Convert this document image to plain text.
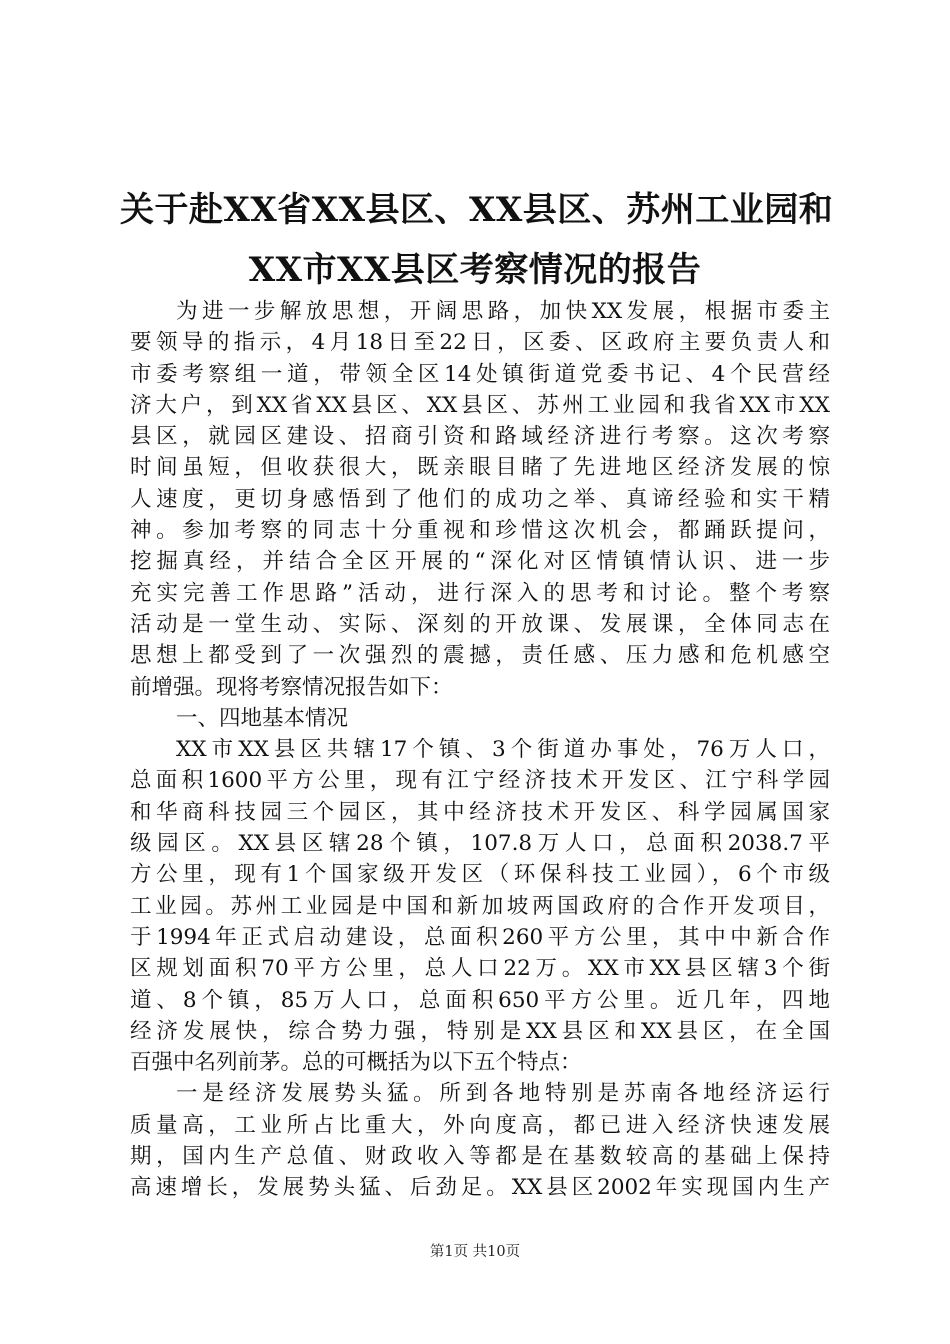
关于赴XX省XX县区、XX县区、苏州工业园和
XX市XX县区考察情况的报告
为进一步解放思想，开阔思路，加快XX发展，根据市委主
要领导的指示，4月18日至22日，区委、区政府主要负责人和
市委考察组一道，带领全区14处镇街道党委书记、4个民营经
济大户，到XX省XX县区、XX县区、苏州工业园和我省XX市XX
县区，就园区建设、招商引资和路域经济进行考察。这次考察
时间虽短，但收获很大，既亲眼目睹了先进地区经济发展的惊
人速度，更切身感悟到了他们的成功之举、真谛经验和实干精
神。参加考察的同志十分重视和珍惜这次机会，都踊跃提问，
挖掘真经，并结合全区开展的“深化对区情镇情认识、进一步
充实完善工作思路”活动，进行深入的思考和讨论。整个考察
活动是一堂生动、实际、深刻的开放课、发展课，全体同志在
思想上都受到了一次强烈的震撼，责任感、压力感和危机感空
前增强。现将考察情况报告如下：
一、四地基本情况
XX市XX县区共辖17个镇、3个街道办事处，76万人口，
总面积1600平方公里，现有江宁经济技术开发区、江宁科学园
和华商科技园三个园区，其中经济技术开发区、科学园属国家
级园区。XX县区辖28个镇，107.8万人口，总面积2038.7平
方公里，现有1个国家级开发区（环保科技工业园），6个市级
工业园。苏州工业园是中国和新加坡两国政府的合作开发项目，
于1994年正式启动建设，总面积260平方公里，其中中新合作
区规划面积70平方公里，总人口22万。XX市XX县区辖3个街
道、8个镇，85万人口，总面积650平方公里。近几年，四地
经济发展快，综合势力强，特别是XX县区和XX县区，在全国
百强中名列前茅。总的可概括为以下五个特点：
一是经济发展势头猛。所到各地特别是苏南各地经济运行
质量高，工业所占比重大，外向度高，都已进入经济快速发展
期，国内生产总值、财政收入等都是在基数较高的基础上保持
高速增长，发展势头猛、后劲足。XX县区2002年实现国内生产
第1页 共10页
